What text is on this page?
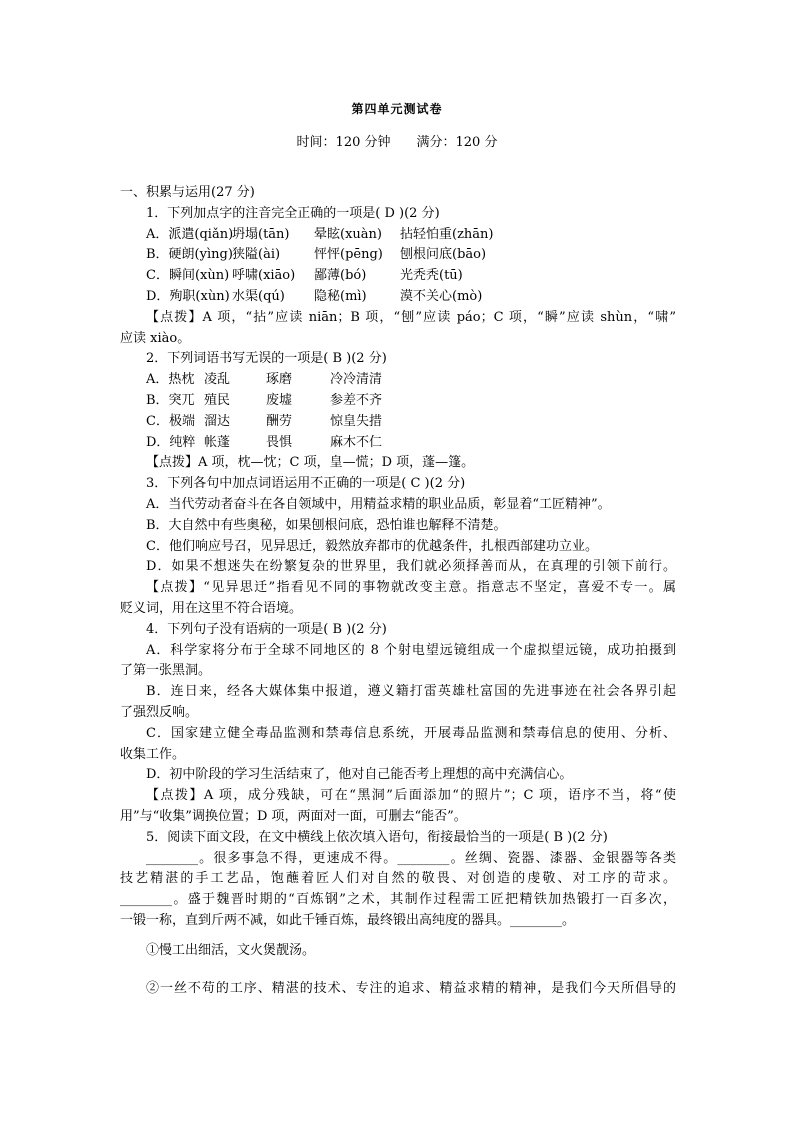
第四单元测试卷
时间：120 分钟 满分：120 分
一、积累与运用(27 分)
1．下列加点字的注音完全正确的一项是( D )(2 分)
A．派遣(qiǎn)坍塌(tān) 晕眩(xuàn) 拈轻怕重(zhān)
B．硬朗(yìng)狭隘(ài)	怦怦(pēng) 刨根问底(bāo)
C．瞬间(xùn) 呼啸(xiāo) 鄙薄(bó)	光秃秃(tū)
D．殉职(xùn) 水渠(qú) 隐秘(mì)	漠不关心(mò)
【点拨】A 项，“拈”应读 niān；B 项，“刨”应读 páo；C 项，“瞬”应读 shùn，“啸”
应读 xiào。
2．下列词语书写无误的一项是( B )(2 分)
A．热枕 凌乱	琢磨	冷冷清清
B．突兀 殖民	废墟	参差不齐
C．极端 溜达	酬劳	惊皇失措
D．纯粹 帐蓬	畏惧	麻木不仁
【点拨】A 项，枕—忱；C 项，皇—慌；D 项，蓬—篷。
3．下列各句中加点词语运用不正确的一项是( C )(2 分)
A．当代劳动者奋斗在各自领域中，用精益求精的职业品质，彰显着“工匠精神”。
B．大自然中有些奥秘，如果刨根问底，恐怕谁也解释不清楚。
C．他们响应号召，见异思迁，毅然放弃都市的优越条件，扎根西部建功立业。
D．如果不想迷失在纷繁复杂的世界里，我们就必须择善而从，在真理的引领下前行。
【点拨】“见异思迁”指看见不同的事物就改变主意。指意志不坚定，喜爱不专一。属
贬义词，用在这里不符合语境。
4．下列句子没有语病的一项是( B )(2 分)
A．科学家将分布于全球不同地区的 8 个射电望远镜组成一个虚拟望远镜，成功拍摄到
了第一张黑洞。
B．连日来，经各大媒体集中报道，遵义籍打雷英雄杜富国的先进事迹在社会各界引起
了强烈反响。
C．国家建立健全毒品监测和禁毒信息系统，开展毒品监测和禁毒信息的使用、分析、
收集工作。
D．初中阶段的学习生活结束了，他对自己能否考上理想的高中充满信心。
【点拨】A 项，成分残缺，可在“黑洞”后面添加“的照片”；C 项，语序不当，将“使
用”与“收集”调换位置；D 项，两面对一面，可删去“能否”。
5．阅读下面文段，在文中横线上依次填入语句，衔接最恰当的一项是( B )(2 分)
________。很多事急不得，更速成不得。________。丝绸、瓷器、漆器、金银器等各类
技艺精湛的手工艺品，饱蘸着匠人们对自然的敬畏、对创造的虔敬、对工序的苛求。
________。盛于魏晋时期的“百炼钢”之术，其制作过程需工匠把精铁加热锻打一百多次，
一锻一称，直到斤两不减，如此千锤百炼，最终锻出高纯度的器具。________。
①慢工出细活，文火煲靓汤。
②一丝不苟的工序、精湛的技术、专注的追求、精益求精的精神，是我们今天所倡导的
